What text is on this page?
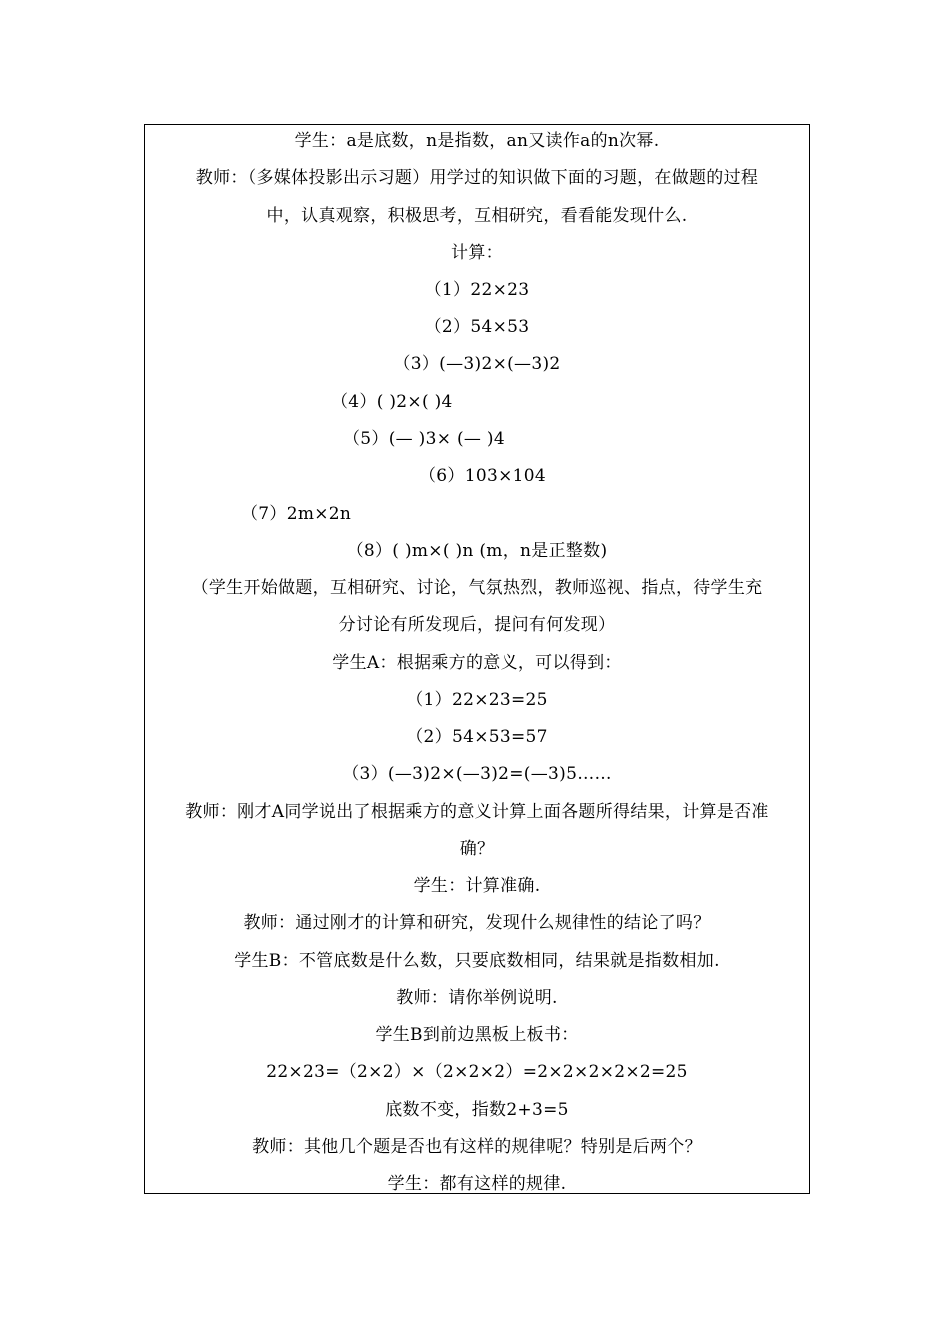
学生：a是底数，n是指数，an又读作a的n次幂.
教师：（多媒体投影出示习题）用学过的知识做下面的习题，在做题的过程
中，认真观察，积极思考，互相研究，看看能发现什么.
计算：
（1）22×23
（2）54×53
（3）(—3)2×(—3)2
（4）( )2×( )4
（5）(— )3× (— )4
（6）103×104
（7）2m×2n
（8）( )m×( )n (m，n是正整数)
（学生开始做题，互相研究、讨论，气氛热烈，教师巡视、指点，待学生充
分讨论有所发现后，提问有何发现）
学生A：根据乘方的意义，可以得到：
（1）22×23=25
（2）54×53=57
（3）(—3)2×(—3)2=(—3)5……
教师：刚才A同学说出了根据乘方的意义计算上面各题所得结果，计算是否准
确？
学生：计算准确.
教师：通过刚才的计算和研究，发现什么规律性的结论了吗？
学生B：不管底数是什么数，只要底数相同，结果就是指数相加.
教师：请你举例说明.
学生B到前边黑板上板书：
22×23=（2×2）×（2×2×2）=2×2×2×2×2=25
底数不变，指数2+3=5
教师：其他几个题是否也有这样的规律呢？特别是后两个？
学生：都有这样的规律.
